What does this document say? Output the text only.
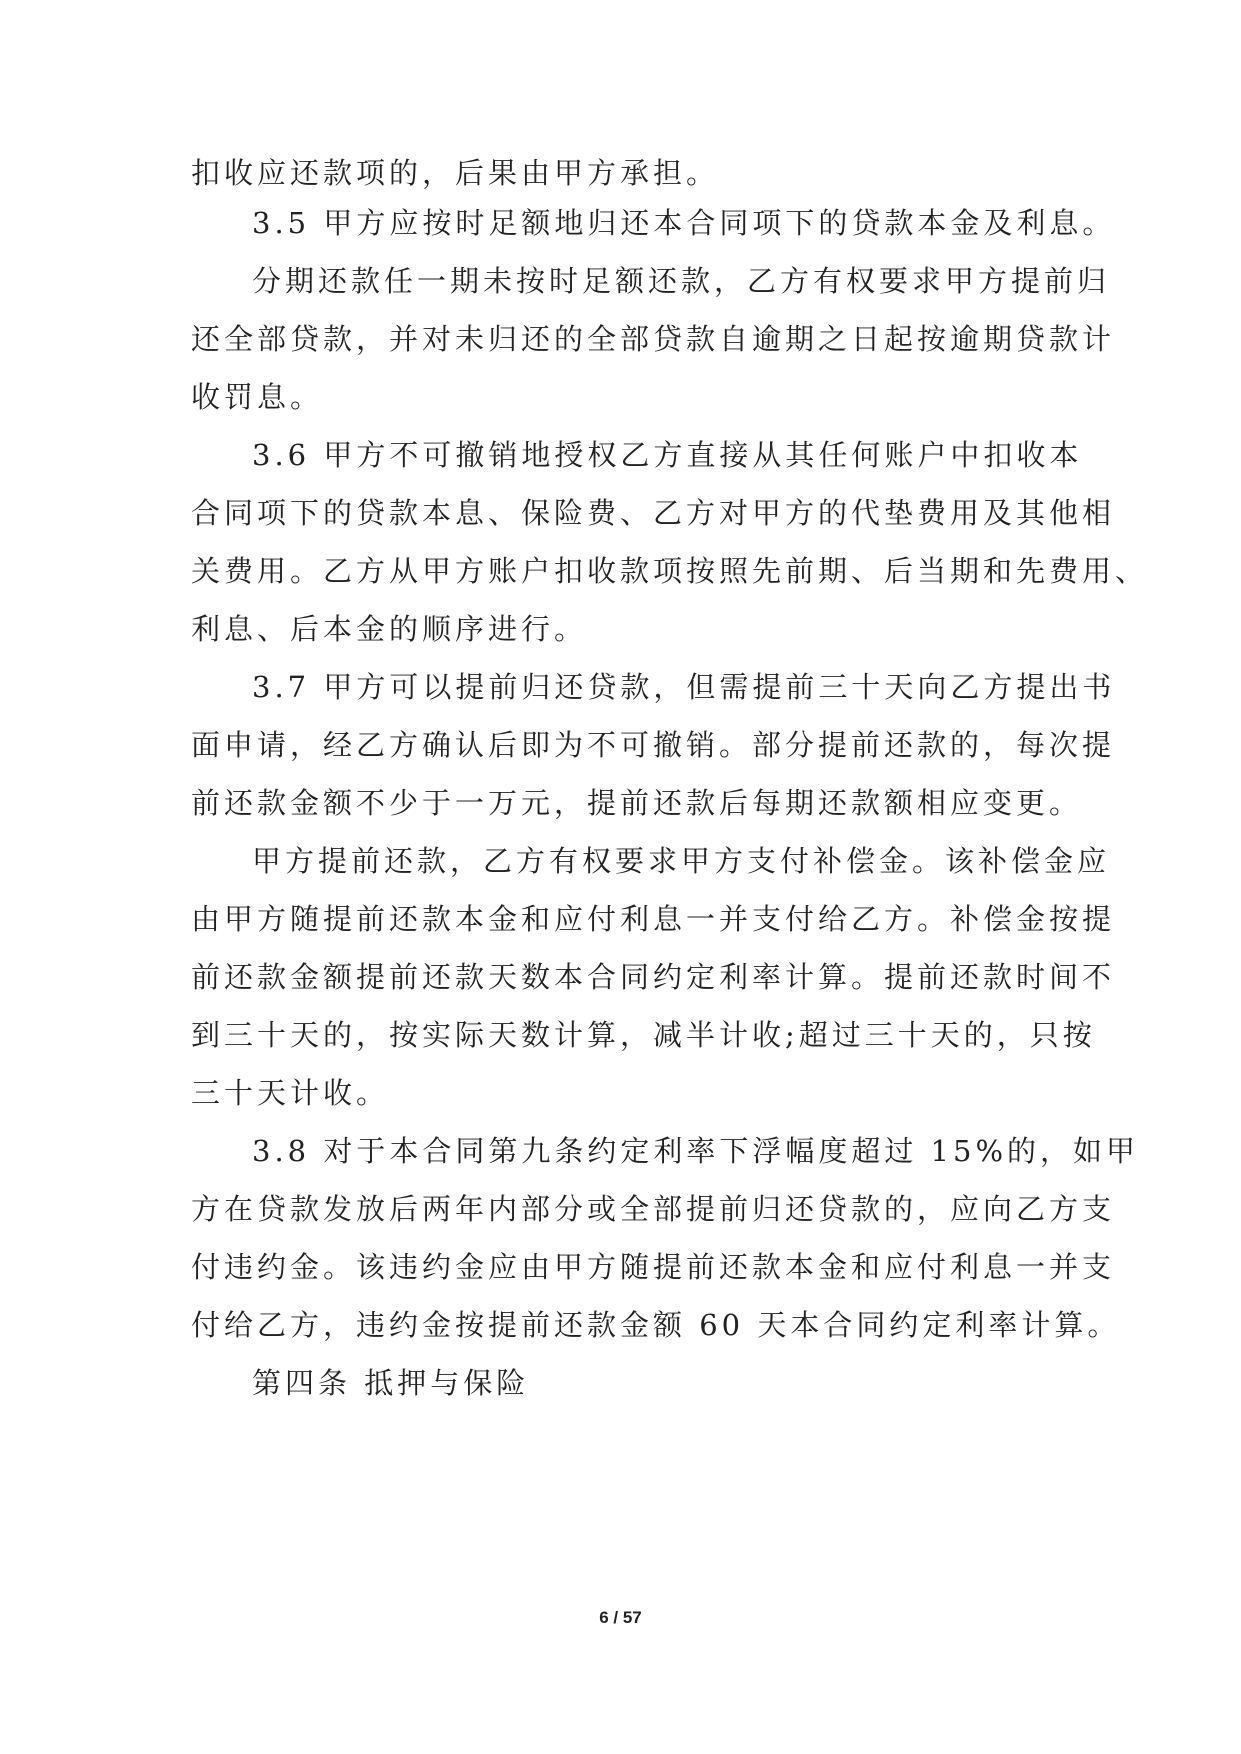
扣收应还款项的，后果由甲方承担。
3.5 甲方应按时足额地归还本合同项下的贷款本金及利息。
分期还款任一期未按时足额还款，乙方有权要求甲方提前归
还全部贷款，并对未归还的全部贷款自逾期之日起按逾期贷款计
收罚息。
3.6 甲方不可撤销地授权乙方直接从其任何账户中扣收本
合同项下的贷款本息、保险费、乙方对甲方的代垫费用及其他相
关费用。乙方从甲方账户扣收款项按照先前期、后当期和先费用、
利息、后本金的顺序进行。
3.7 甲方可以提前归还贷款，但需提前三十天向乙方提出书
面申请，经乙方确认后即为不可撤销。部分提前还款的，每次提
前还款金额不少于一万元，提前还款后每期还款额相应变更。
甲方提前还款，乙方有权要求甲方支付补偿金。该补偿金应
由甲方随提前还款本金和应付利息一并支付给乙方。补偿金按提
前还款金额提前还款天数本合同约定利率计算。提前还款时间不
到三十天的，按实际天数计算，减半计收;超过三十天的，只按
三十天计收。
3.8 对于本合同第九条约定利率下浮幅度超过 15%的，如甲
方在贷款发放后两年内部分或全部提前归还贷款的，应向乙方支
付违约金。该违约金应由甲方随提前还款本金和应付利息一并支
付给乙方，违约金按提前还款金额 60 天本合同约定利率计算。
第四条 抵押与保险
6 / 57
